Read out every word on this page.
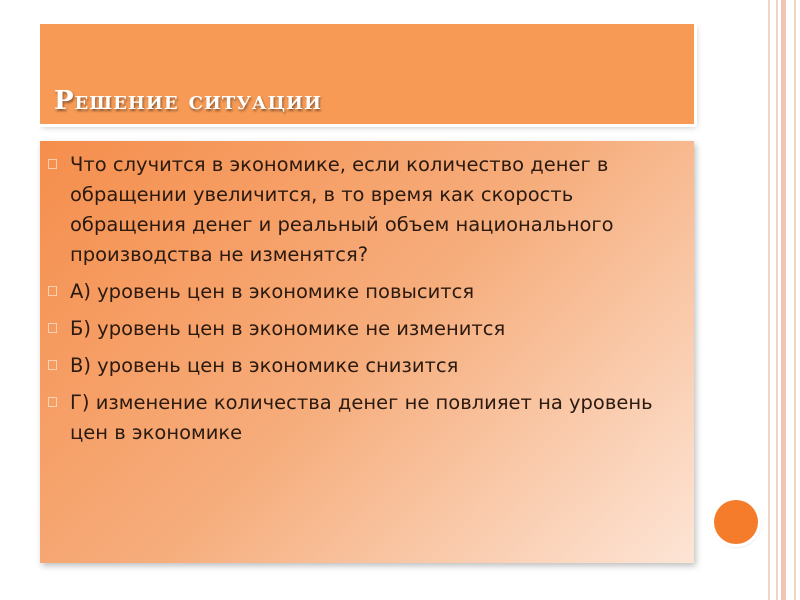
Решение ситуации
Что случится в экономике, если количество денег в обращении увеличится, в то время как скорость обращения денег и реальный объем национального производства не изменятся?
А) уровень цен в экономике повысится
Б) уровень цен в экономике не изменится
В) уровень цен в экономике снизится
Г) изменение количества денег не повлияет на уровень цен в экономике
